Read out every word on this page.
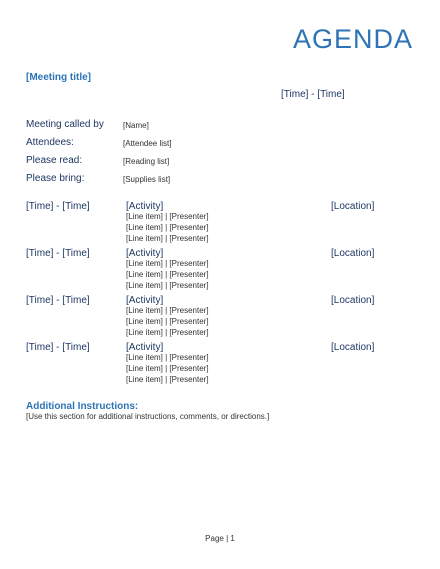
AGENDA
[Meeting title]
[Time] - [Time]
Meeting called by [Name]
Attendees:	[Attendee list]
Please read:	[Reading list]
Please bring:	[Supplies list]
[Time] - [Time]	[Activity]	[Location]
[Line item] | [Presenter]
[Line item] | [Presenter]
[Line item] | [Presenter]
[Time] - [Time]	[Activity]	[Location]
[Line item] | [Presenter]
[Line item] | [Presenter]
[Line item] | [Presenter]
[Time] - [Time]	[Activity]	[Location]
[Line item] | [Presenter]
[Line item] | [Presenter]
[Line item] | [Presenter]
[Time] - [Time]	[Activity]	[Location]
[Line item] | [Presenter]
[Line item] | [Presenter]
[Line item] | [Presenter]
Additional Instructions:
[Use this section for additional instructions, comments, or directions.]
Page | 1
